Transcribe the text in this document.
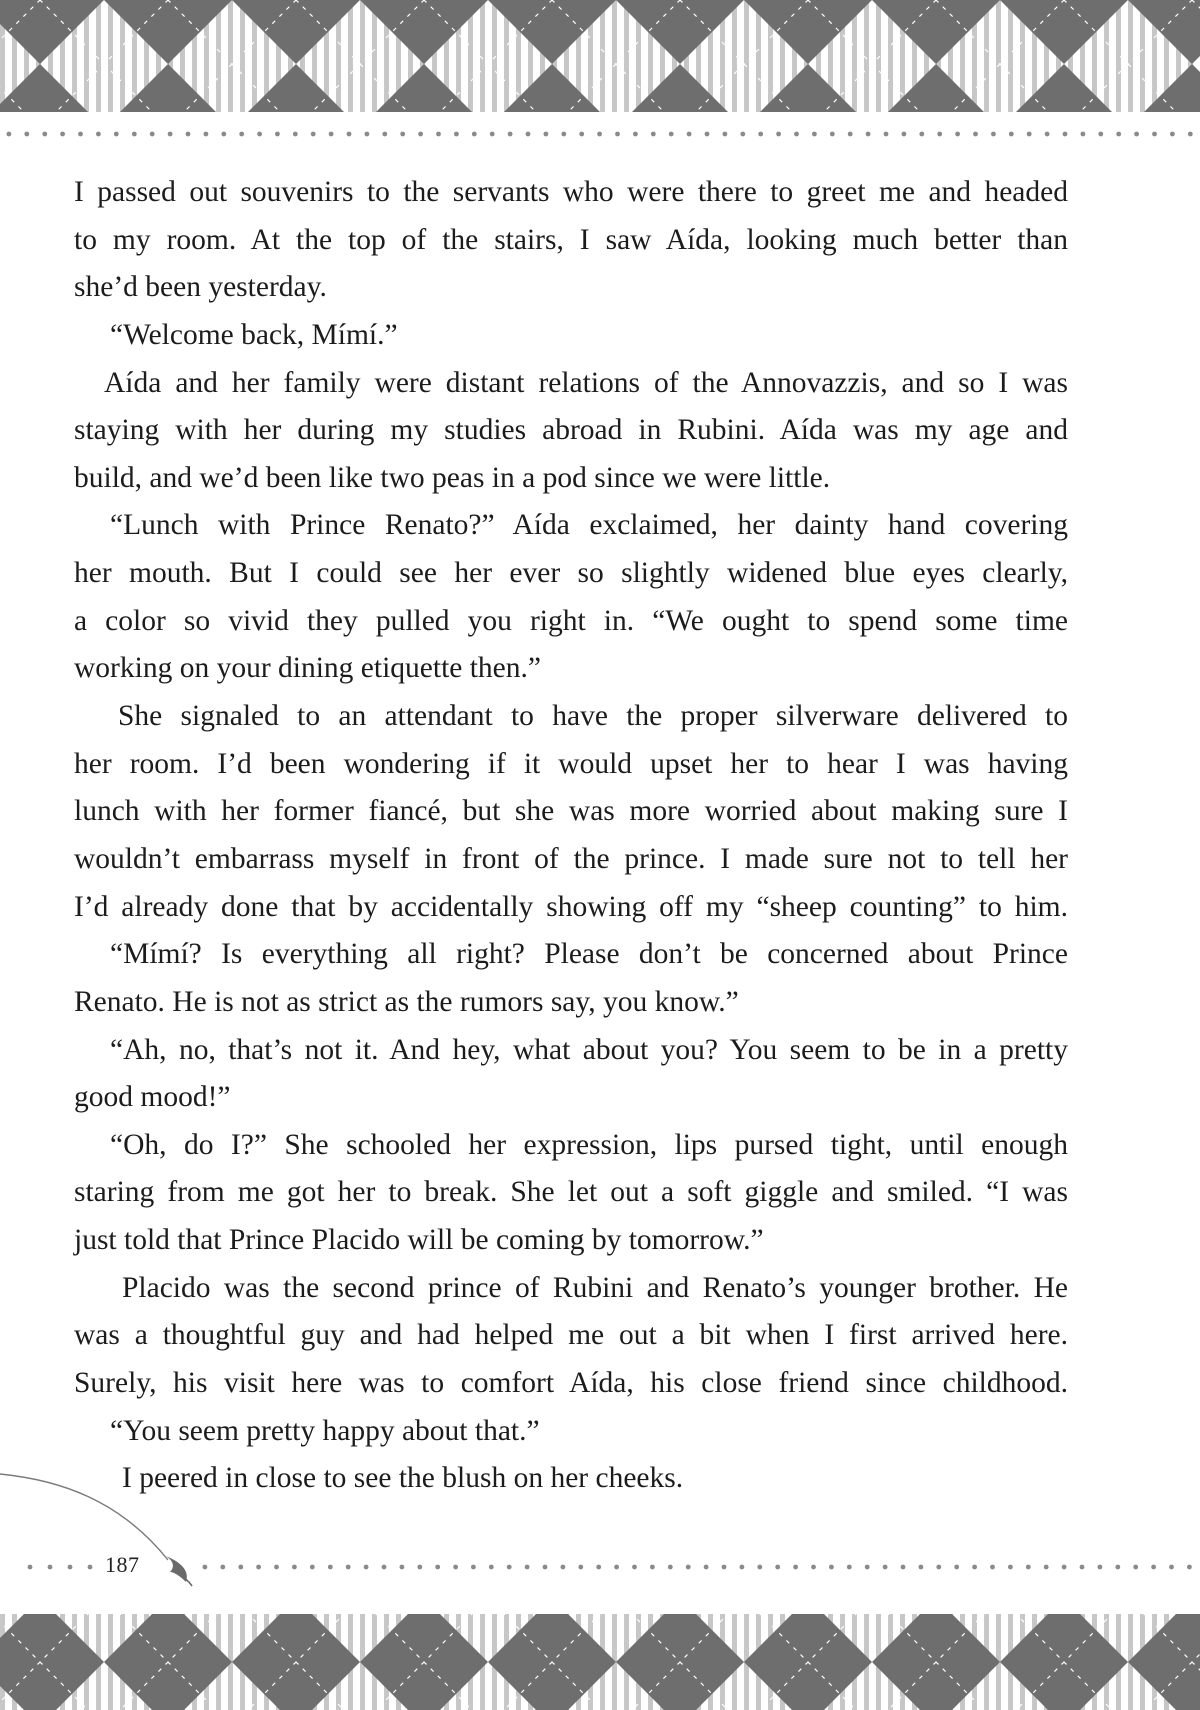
I passed out souvenirs to the servants who were there to greet me and headed
to my room. At the top of the stairs, I saw Aída, looking much better than
she’d been yesterday.
“Welcome back, Mímí.”
Aída and her family were distant relations of the Annovazzis, and so I was
staying with her during my studies abroad in Rubini. Aída was my age and
build, and we’d been like two peas in a pod since we were little.
“Lunch with Prince Renato?” Aída exclaimed, her dainty hand covering
her mouth. But I could see her ever so slightly widened blue eyes clearly,
a color so vivid they pulled you right in. “We ought to spend some time
working on your dining etiquette then.”
She signaled to an attendant to have the proper silverware delivered to
her room. I’d been wondering if it would upset her to hear I was having
lunch with her former fiancé, but she was more worried about making sure I
wouldn’t embarrass myself in front of the prince. I made sure not to tell her
I’d already done that by accidentally showing off my “sheep counting” to him.
“Mímí? Is everything all right? Please don’t be concerned about Prince
Renato. He is not as strict as the rumors say, you know.”
“Ah, no, that’s not it. And hey, what about you? You seem to be in a pretty
good mood!”
“Oh, do I?” She schooled her expression, lips pursed tight, until enough
staring from me got her to break. She let out a soft giggle and smiled. “I was
just told that Prince Placido will be coming by tomorrow.”
Placido was the second prince of Rubini and Renato’s younger brother. He
was a thoughtful guy and had helped me out a bit when I first arrived here.
Surely, his visit here was to comfort Aída, his close friend since childhood.
“You seem pretty happy about that.”
I peered in close to see the blush on her cheeks.
187
